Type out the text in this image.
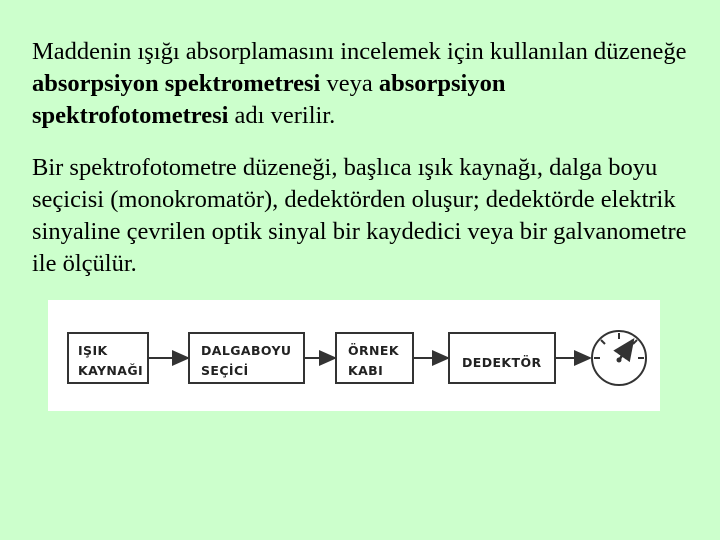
Maddenin ışığı absorplamasını incelemek için kullanılan düzeneğe absorpsiyon spektrometresi veya absorpsiyon spektrofotometresi adı verilir.

Bir spektrofotometre düzeneği, başlıca ışık kaynağı, dalga boyu seçicisi (monokromatör), dedektörden oluşur; dedektörde elektrik sinyaline çevrilen optik sinyal bir kaydedici veya bir galvanometre ile ölçülür.

IŞIK
KAYNAĞI
DALGABOYU
SEÇİCİ
ÖRNEK
KABI
DEDEKTÖR
